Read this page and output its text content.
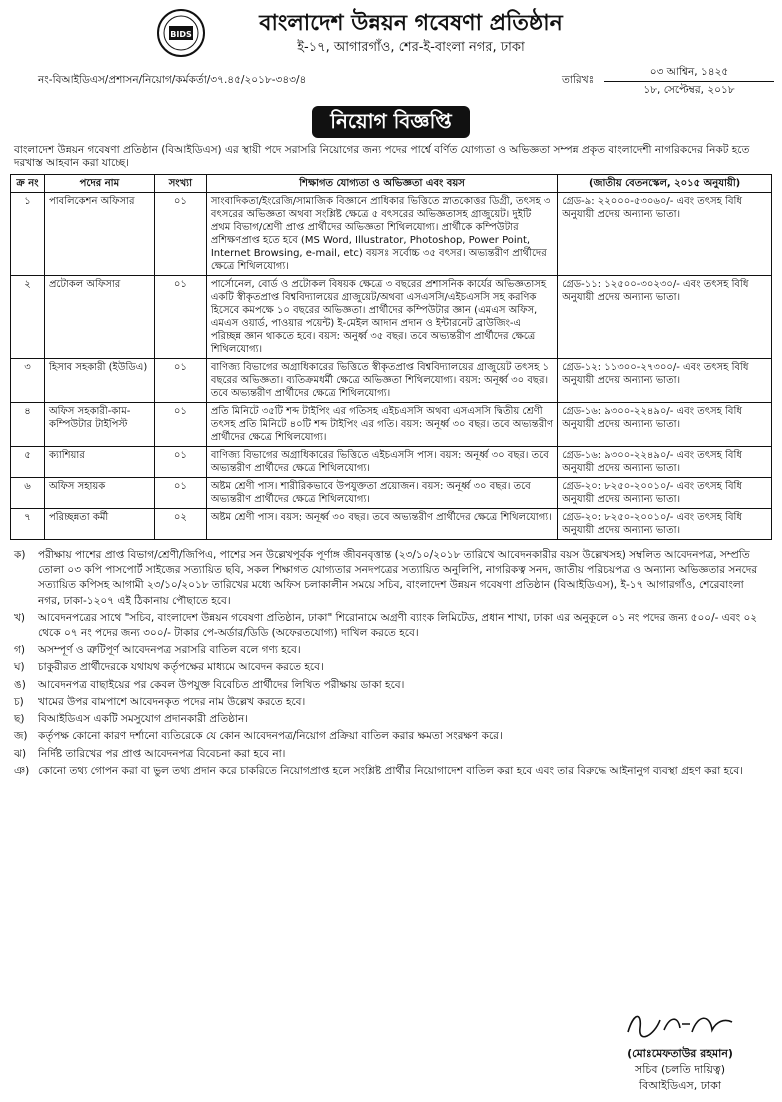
BIDS	বাংলাদেশ উন্নয়ন গবেষণা প্রতিষ্ঠান
ই-১৭, আগারগাঁও, শের-ই-বাংলা নগর, ঢাকা
নং-বিআইডিএস/প্রশাসন/নিয়োগ/কর্মকর্তা/৩৭.৪৫/২০১৮-৩৪৩/৪	তারিখঃ
০৩ আশ্বিন, ১৪২৫
১৮, সেপ্টেম্বর, ২০১৮
নিয়োগ বিজ্ঞপ্তি
বাংলাদেশ উন্নয়ন গবেষণা প্রতিষ্ঠান (বিআইডিএস) এর স্থায়ী পদে সরাসরি নিয়োগের জন্য পদের পার্শ্বে বর্ণিত যোগ্যতা ও অভিজ্ঞতা সম্পন্ন প্রকৃত বাংলাদেশী নাগরিকদের নিকট হতে দরখাস্ত আহবান করা যাচ্ছে।
ক্র নং	পদের নাম	সংখ্যা	শিক্ষাগত যোগ্যতা ও অভিজ্ঞতা এবং বয়স	(জাতীয় বেতনস্কেল, ২০১৫ অনুযায়ী)
১	পাবলিকেশন অফিসার	০১	সাংবাদিকতা/ইংরেজি/সামাজিক বিজ্ঞানে প্রাধিকার ভিত্তিতে স্নাতকোত্তর ডিগ্রী, তৎসহ ৩ বৎসরের অভিজ্ঞতা অথবা সংশ্লিষ্ট ক্ষেত্রে ৫ বৎসরের অভিজ্ঞতাসহ গ্রাজুয়েট। দুইটি প্রথম বিভাগ/শ্রেণী প্রাপ্ত প্রার্থীদের অভিজ্ঞতা শিথিলযোগ্য। প্রার্থীকে কম্পিউটার প্রশিক্ষণপ্রাপ্ত হতে হবে (MS Word, Illustrator, Photoshop, Power Point, Internet Browsing, e-mail, etc) বয়সঃ সর্বোচ্চ ৩৫ বৎসর। অভ্যন্তরীণ প্রার্থীদের ক্ষেত্রে শিথিলযোগ্য।	গ্রেড-৯: ২২০০০-৫৩০৬০/- এবং তৎসহ বিধি অনুযায়ী প্রদেয় অন্যান্য ভাতা।
২	প্রটোকল অফিসার	০১	পার্সোনেল, বোর্ড ও প্রটোকল বিষয়ক ক্ষেত্রে ৩ বছরের প্রশাসনিক কার্যের অভিজ্ঞতাসহ একটি স্বীকৃতপ্রাপ্ত বিশ্ববিদ্যালয়ের গ্রাজুয়েট/অথবা এসএসসি/এইচএসসি সহ করণিক হিসেবে কমপক্ষে ১০ বছরের অভিজ্ঞতা। প্রার্থীদের কম্পিউটার জ্ঞান (এমএস অফিস, এমএস ওয়ার্ড, পাওয়ার পয়েন্ট) ই-মেইল আদান প্রদান ও ইন্টারনেট ব্রাউজিং-এ পরিচ্ছন্ন জ্ঞান থাকতে হবে। বয়স: অনুর্ধ্ব ৩৫ বছর। তবে অভ্যন্তরীণ প্রার্থীদের ক্ষেত্রে শিথিলযোগ্য।	গ্রেড-১১: ১২৫০০-৩০২৩০/- এবং তৎসহ বিধি অনুযায়ী প্রদেয় অন্যান্য ভাতা।
৩	হিসাব সহকারী (ইউডিএ)	০১	বাণিজ্য বিভাগের অগ্রাধিকারের ভিত্তিতে স্বীকৃতপ্রাপ্ত বিশ্ববিদ্যালয়ের গ্রাজুয়েট তৎসহ ১ বছরের অভিজ্ঞতা। ব্যতিক্রমধর্মী ক্ষেত্রে অভিজ্ঞতা শিথিলযোগ্য। বয়স: অনূর্ধ্ব ৩০ বছর। তবে অভ্যন্তরীণ প্রার্থীদের ক্ষেত্রে শিথিলযোগ্য।	গ্রেড-১২: ১১৩০০-২৭৩০০/- এবং তৎসহ বিধি অনুযায়ী প্রদেয় অন্যান্য ভাতা।
৪	অফিস সহকারী-কাম-কম্পিউটার টাইপিস্ট	০১	প্রতি মিনিটে ৩৫টি শব্দ টাইপিং এর গতিসহ এইচএসসি অথবা এসএসসি দ্বিতীয় শ্রেণী তৎসহ প্রতি মিনিটে ৪০টি শব্দ টাইপিং এর গতি। বয়স: অনূর্ধ্ব ৩০ বছর। তবে অভ্যন্তরীণ প্রার্থীদের ক্ষেত্রে শিথিলযোগ্য।	গ্রেড-১৬: ৯৩০০-২২৪৯০/- এবং তৎসহ বিধি অনুযায়ী প্রদেয় অন্যান্য ভাতা।
৫	ক্যাশিয়ার	০১	বাণিজ্য বিভাগের অগ্রাধিকারের ভিত্তিতে এইচএসসি পাস। বয়স: অনূর্ধ্ব ৩০ বছর। তবে অভ্যন্তরীণ প্রার্থীদের ক্ষেত্রে শিথিলযোগ্য।	গ্রেড-১৬: ৯৩০০-২২৪৯০/- এবং তৎসহ বিধি অনুযায়ী প্রদেয় অন্যান্য ভাতা।
৬	অফিস সহায়ক	০১	অষ্টম শ্রেণী পাস। শারীরিকভাবে উপযুক্ততা প্রয়োজন। বয়স: অনূর্ধ্ব ৩০ বছর। তবে অভ্যন্তরীণ প্রার্থীদের ক্ষেত্রে শিথিলযোগ্য।	গ্রেড-২০: ৮২৫০-২০০১০/- এবং তৎসহ বিধি অনুযায়ী প্রদেয় অন্যান্য ভাতা।
৭	পরিচ্ছন্নতা কর্মী	০২	অষ্টম শ্রেণী পাস। বয়স: অনূর্ধ্ব ৩০ বছর। তবে অভ্যন্তরীণ প্রার্থীদের ক্ষেত্রে শিথিলযোগ্য।	গ্রেড-২০: ৮২৫০-২০০১০/- এবং তৎসহ বিধি অনুযায়ী প্রদেয় অন্যান্য ভাতা।
ক)	পরীক্ষায় পাশের প্রাপ্ত বিভাগ/শ্রেণী/জিপিএ, পাশের সন উল্লেখপূর্বক পূর্ণাঙ্গ জীবনবৃত্তান্ত (২৩/১০/২০১৮ তারিখে আবেদনকারীর বয়স উল্লেখসহ) সম্বলিত আবেদনপত্র, সম্প্রতি তোলা ০৩ কপি পাসপোর্ট সাইজের সত্যায়িত ছবি, সকল শিক্ষাগত যোগ্যতার সনদপত্রের সত্যায়িত অনুলিপি, নাগরিকত্ব সনদ, জাতীয় পরিচয়পত্র ও অন্যান্য অভিজ্ঞতার সনদের সত্যায়িত কপিসহ আগামী ২৩/১০/২০১৮ তারিখের মধ্যে অফিস চলাকালীন সময়ে সচিব, বাংলাদেশ উন্নয়ন গবেষণা প্রতিষ্ঠান (বিআইডিএস), ই-১৭ আগারগাঁও, শেরেবাংলা নগর, ঢাকা-১২০৭ এই ঠিকানায় পৌছাতে হবে।
খ)	আবেদনপত্রের সাথে "সচিব, বাংলাদেশ উন্নয়ন গবেষণা প্রতিষ্ঠান, ঢাকা" শিরোনামে অগ্রণী ব্যাংক লিমিটেড, প্রধান শাখা, ঢাকা এর অনুকূলে ০১ নং পদের জন্য ৫০০/- এবং ০২ থেকে ০৭ নং পদের জন্য ৩০০/- টাকার পে-অর্ডার/ডিডি (অফেরতযোগ্য) দাখিল করতে হবে।
গ)	অসম্পূর্ণ ও ত্রুটিপূর্ণ আবেদনপত্র সরাসরি বাতিল বলে গণ্য হবে।
ঘ)	চাকুরীরত প্রার্থীদেরকে যথাযথ কর্তৃপক্ষের মাধ্যমে আবেদন করতে হবে।
ঙ)	আবেদনপত্র বাছাইয়ের পর কেবল উপযুক্ত বিবেচিত প্রার্থীদের লিখিত পরীক্ষায় ডাকা হবে।
চ)	খামের উপর বামপাশে আবেদনকৃত পদের নাম উল্লেখ করতে হবে।
ছ)	বিআইডিএস একটি সমসুযোগ প্রদানকারী প্রতিষ্ঠান।
জ)	কর্তৃপক্ষ কোনো কারণ দর্শানো ব্যতিরেকে যে কোন আবেদনপত্র/নিয়োগ প্রক্রিয়া বাতিল করার ক্ষমতা সংরক্ষণ করে।
ঝ)	নির্দিষ্ট তারিখের পর প্রাপ্ত আবেদনপত্র বিবেচনা করা হবে না।
ঞ) কোনো তথ্য গোপন করা বা ভুল তথ্য প্রদান করে চাকরিতে নিয়োগপ্রাপ্ত হলে সংশ্লিষ্ট প্রার্থীর নিয়োগাদেশ বাতিল করা হবে এবং তার বিরুদ্ধে আইনানুগ ব্যবস্থা গ্রহণ করা হবে।
(মোঃমেফতাউর রহমান)
সচিব (চলতি দায়িত্ব)
বিআইডিএস, ঢাকা
